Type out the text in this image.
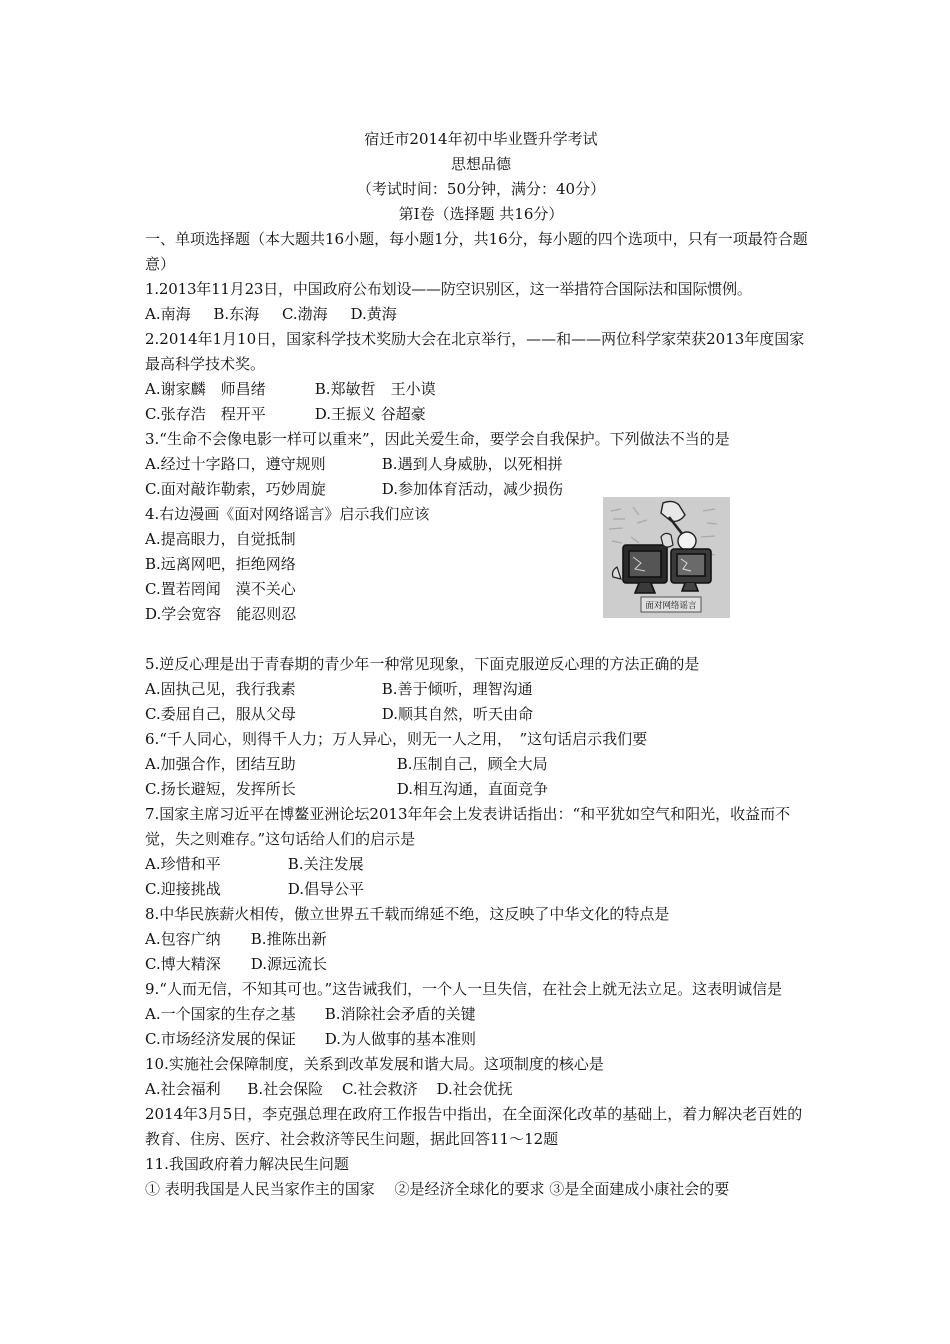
宿迁市2014年初中毕业暨升学考试
思想品德
（考试时间：50分钟，满分：40分）
第Ⅰ卷（选择题 共16分）
一、单项选择题（本大题共16小题，每小题1分，共16分，每小题的四个选项中，只有一项最符合题意）
1.2013年11月23日，中国政府公布划设——防空识别区，这一举措符合国际法和国际惯例。
A.南海 B.东海 C.渤海 D.黄海
2.2014年1月10日，国家科学技术奖励大会在北京举行，——和——两位科学家荣获2013年度国家最高科学技术奖。
A.谢家麟　师昌绪	B.郑敏哲　王小谟
C.张存浩　程开平	D.王振义 谷超豪
3.“生命不会像电影一样可以重来”，因此关爱生命，要学会自我保护。下列做法不当的是
A.经过十字路口，遵守规则	B.遇到人身威胁，以死相拼
C.面对敲诈勒索，巧妙周旋	D.参加体育活动，减少损伤
4.右边漫画《面对网络谣言》启示我们应该
A.提高眼力，自觉抵制
B.远离网吧，拒绝网络
C.置若罔闻　漠不关心
D.学会宽容　能忍则忍
5.逆反心理是出于青春期的青少年一种常见现象，下面克服逆反心理的方法正确的是
A.固执己见，我行我素	B.善于倾听，理智沟通
C.委屈自己，服从父母	D.顺其自然，听天由命
6.“千人同心，则得千人力；万人异心，则无一人之用，　”这句话启示我们要
A.加强合作，团结互助	B.压制自己，顾全大局
C.扬长避短，发挥所长	D.相互沟通，直面竞争
7.国家主席习近平在博鳌亚洲论坛2013年年会上发表讲话指出：“和平犹如空气和阳光，收益而不觉，失之则难存。”这句话给人们的启示是
A.珍惜和平	B.关注发展
C.迎接挑战	D.倡导公平
8.中华民族薪火相传，傲立世界五千载而绵延不绝，这反映了中华文化的特点是
A.包容广纳 B.推陈出新
C.博大精深 D.源远流长
9.“人而无信，不知其可也。”这告诫我们，一个人一旦失信，在社会上就无法立足。这表明诚信是
A.一个国家的生存之基 B.消除社会矛盾的关键
C.市场经济发展的保证 D.为人做事的基本准则
10.实施社会保障制度，关系到改革发展和谐大局。这项制度的核心是
A.社会福利 B.社会保险 C.社会救济 D.社会优抚
2014年3月5日，李克强总理在政府工作报告中指出，在全面深化改革的基础上，着力解决老百姓的教育、住房、医疗、社会救济等民生问题，据此回答11～12题
11.我国政府着力解决民生问题
① 表明我国是人民当家作主的国家　 ②是经济全球化的要求 ③是全面建成小康社会的要
面对网络谣言
